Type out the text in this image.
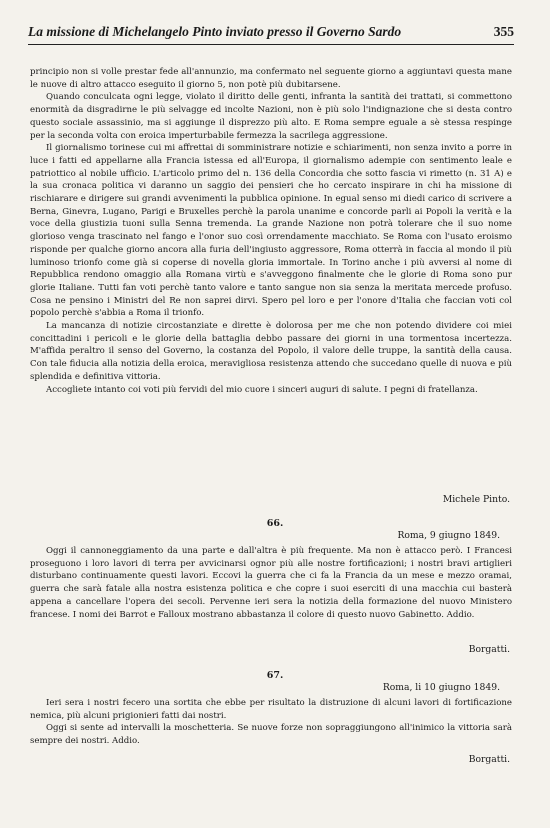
La missione di Michelangelo Pinto inviato presso il Governo Sardo	355

principio non si volle prestar fede all'annunzio, ma confermato nel seguente giorno a aggiuntavi questa mane le nuove di altro attacco eseguito il giorno 5, non potè più dubitarsene.

Quando conculcata ogni legge, violato il diritto delle genti, infranta la santità dei trattati, si commettono enormità da disgradirne le più selvagge ed incolte Nazioni, non è più solo l'indignazione che si desta contro questo sociale assassinio, ma si aggiunge il disprezzo più alto. E Roma sempre eguale a sè stessa respinge per la seconda volta con eroica imperturbabile fermezza la sacrilega aggressione.

Il giornalismo torinese cui mi affrettai di somministrare notizie e schiarimenti, non senza invito a porre in luce i fatti ed appellarne alla Francia istessa ed all'Europa, il giornalismo adempie con sentimento leale e patriottico al nobile ufficio. L'articolo primo del n. 136 della Concordia che sotto fascia vi rimetto (n. 31 A) e la sua cronaca politica vi daranno un saggio dei pensieri che ho cercato inspirare in chi ha missione di rischiarare e dirigere sui grandi avvenimenti la pubblica opinione. In egual senso mi diedi carico di scrivere a Berna, Ginevra, Lugano, Parigi e Bruxelles perchè la parola unanime e concorde parli ai Popoli la verità e la voce della giustizia tuoni sulla Senna tremenda. La grande Nazione non potrà tolerare che il suo nome glorioso venga trascinato nel fango e l'onor suo così orrendamente macchiato. Se Roma con l'usato eroismo risponde per qualche giorno ancora alla furia dell'ingiusto aggressore, Roma otterrà in faccia al mondo il più luminoso trionfo come già si coperse di novella gloria immortale. In Torino anche i più avversi al nome di Repubblica rendono omaggio alla Romana virtù e s'avveggono finalmente che le glorie di Roma sono pur glorie Italiane. Tutti fan voti perchè tanto valore e tanto sangue non sia senza la meritata mercede profuso. Cosa ne pensino i Ministri del Re non saprei dirvi. Spero pel loro e per l'onore d'Italia che faccian voti col popolo perchè s'abbia a Roma il trionfo.

La mancanza di notizie circostanziate e dirette è dolorosa per me che non potendo dividere coi miei concittadini i pericoli e le glorie della battaglia debbo passare dei giorni in una tormentosa incertezza. M'affida peraltro il senso del Governo, la costanza del Popolo, il valore delle truppe, la santità della causa. Con tale fiducia alla notizia della eroica, meravigliosa resistenza attendo che succedano quelle di nuova e più splendida e definitiva vittoria.

Accogliete intanto coi voti più fervidi del mio cuore i sinceri auguri di salute. I pegni di fratellanza.

Michele Pinto.
66.
Roma, 9 giugno 1849.

Oggi il cannoneggiamento da una parte e dall'altra è più frequente. Ma non è attacco però. I Francesi proseguono i loro lavori di terra per avvicinarsi ognor più alle nostre fortificazioni; i nostri bravi artiglieri disturbano continuamente questi lavori. Eccovi la guerra che ci fa la Francia da un mese e mezzo oramai, guerra che sarà fatale alla nostra esistenza politica e che copre i suoi eserciti di una macchia cui basterà appena a cancellare l'opera dei secoli. Pervenne ieri sera la notizia della formazione del nuovo Ministero francese. I nomi dei Barrot e Falloux mostrano abbastanza il colore di questo nuovo Gabinetto. Addio.

Borgatti.
67.
Roma, li 10 giugno 1849.

Ieri sera i nostri fecero una sortita che ebbe per risultato la distruzione di alcuni lavori di fortificazione nemica, più alcuni prigionieri fatti dai nostri.

Oggi si sente ad intervalli la moschetteria. Se nuove forze non sopraggiungono all'inimico la vittoria sarà sempre dei nostri. Addio.

Borgatti.
